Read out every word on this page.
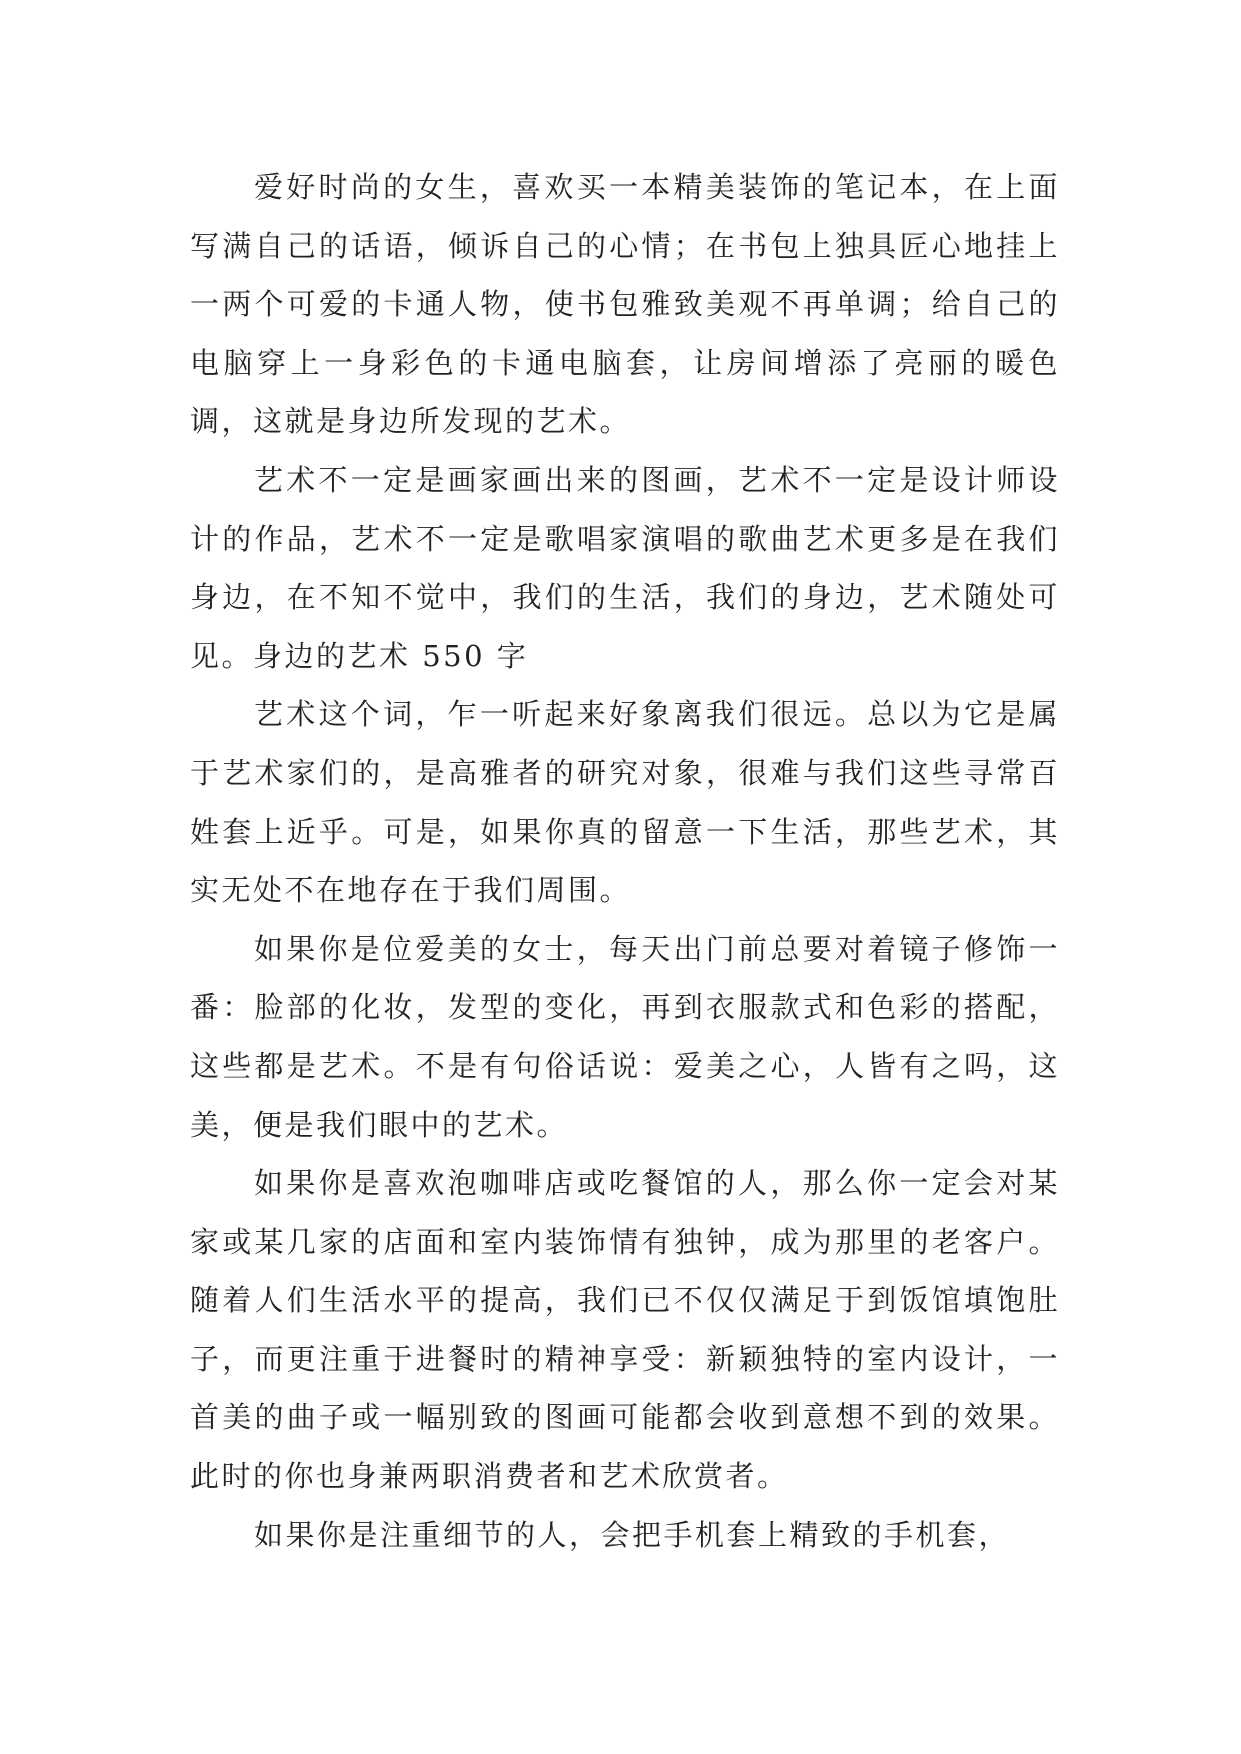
爱好时尚的女生，喜欢买一本精美装饰的笔记本，在上面写满自己的话语，倾诉自己的心情；在书包上独具匠心地挂上一两个可爱的卡通人物，使书包雅致美观不再单调；给自己的电脑穿上一身彩色的卡通电脑套，让房间增添了亮丽的暖色调，这就是身边所发现的艺术。

艺术不一定是画家画出来的图画，艺术不一定是设计师设计的作品，艺术不一定是歌唱家演唱的歌曲艺术更多是在我们身边，在不知不觉中，我们的生活，我们的身边，艺术随处可见。身边的艺术 550 字

艺术这个词，乍一听起来好象离我们很远。总以为它是属于艺术家们的，是高雅者的研究对象，很难与我们这些寻常百姓套上近乎。可是，如果你真的留意一下生活，那些艺术，其实无处不在地存在于我们周围。

如果你是位爱美的女士，每天出门前总要对着镜子修饰一番：脸部的化妆，发型的变化，再到衣服款式和色彩的搭配，这些都是艺术。不是有句俗话说：爱美之心，人皆有之吗，这美，便是我们眼中的艺术。

如果你是喜欢泡咖啡店或吃餐馆的人，那么你一定会对某家或某几家的店面和室内装饰情有独钟，成为那里的老客户。随着人们生活水平的提高，我们已不仅仅满足于到饭馆填饱肚子，而更注重于进餐时的精神享受：新颖独特的室内设计，一首美的曲子或一幅别致的图画可能都会收到意想不到的效果。此时的你也身兼两职消费者和艺术欣赏者。

如果你是注重细节的人，会把手机套上精致的手机套，
